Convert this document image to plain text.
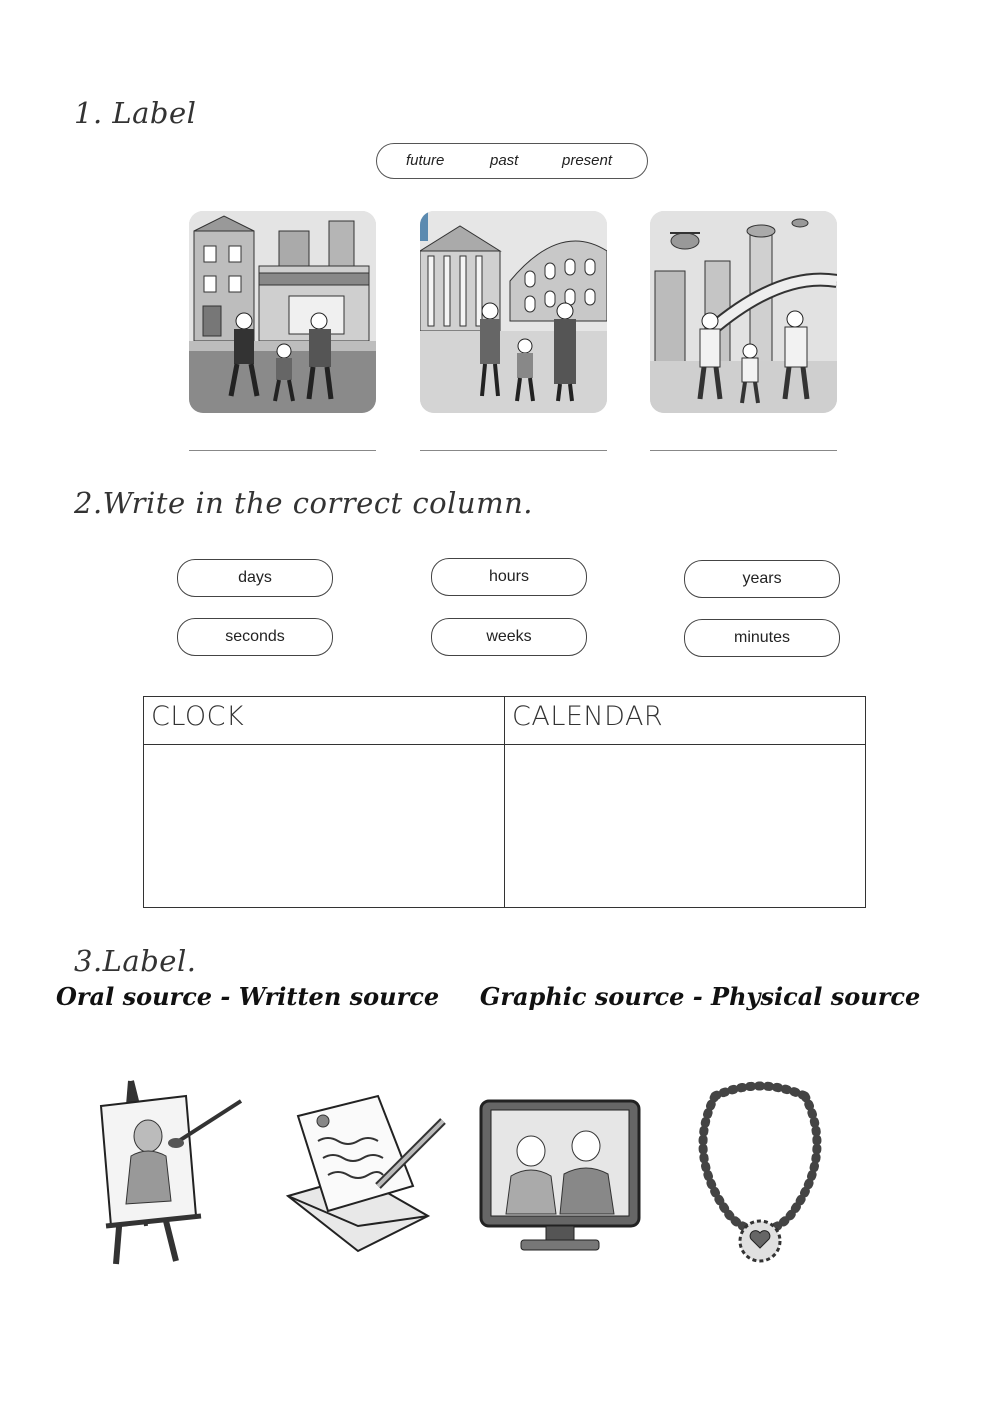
1. Label
future	past	present
2.Write in the correct column.
days	hours	years
seconds	weeks	minutes
CLOCK	CALENDAR
3.Label.
Oral source - Written source Graphic source - Physical source
